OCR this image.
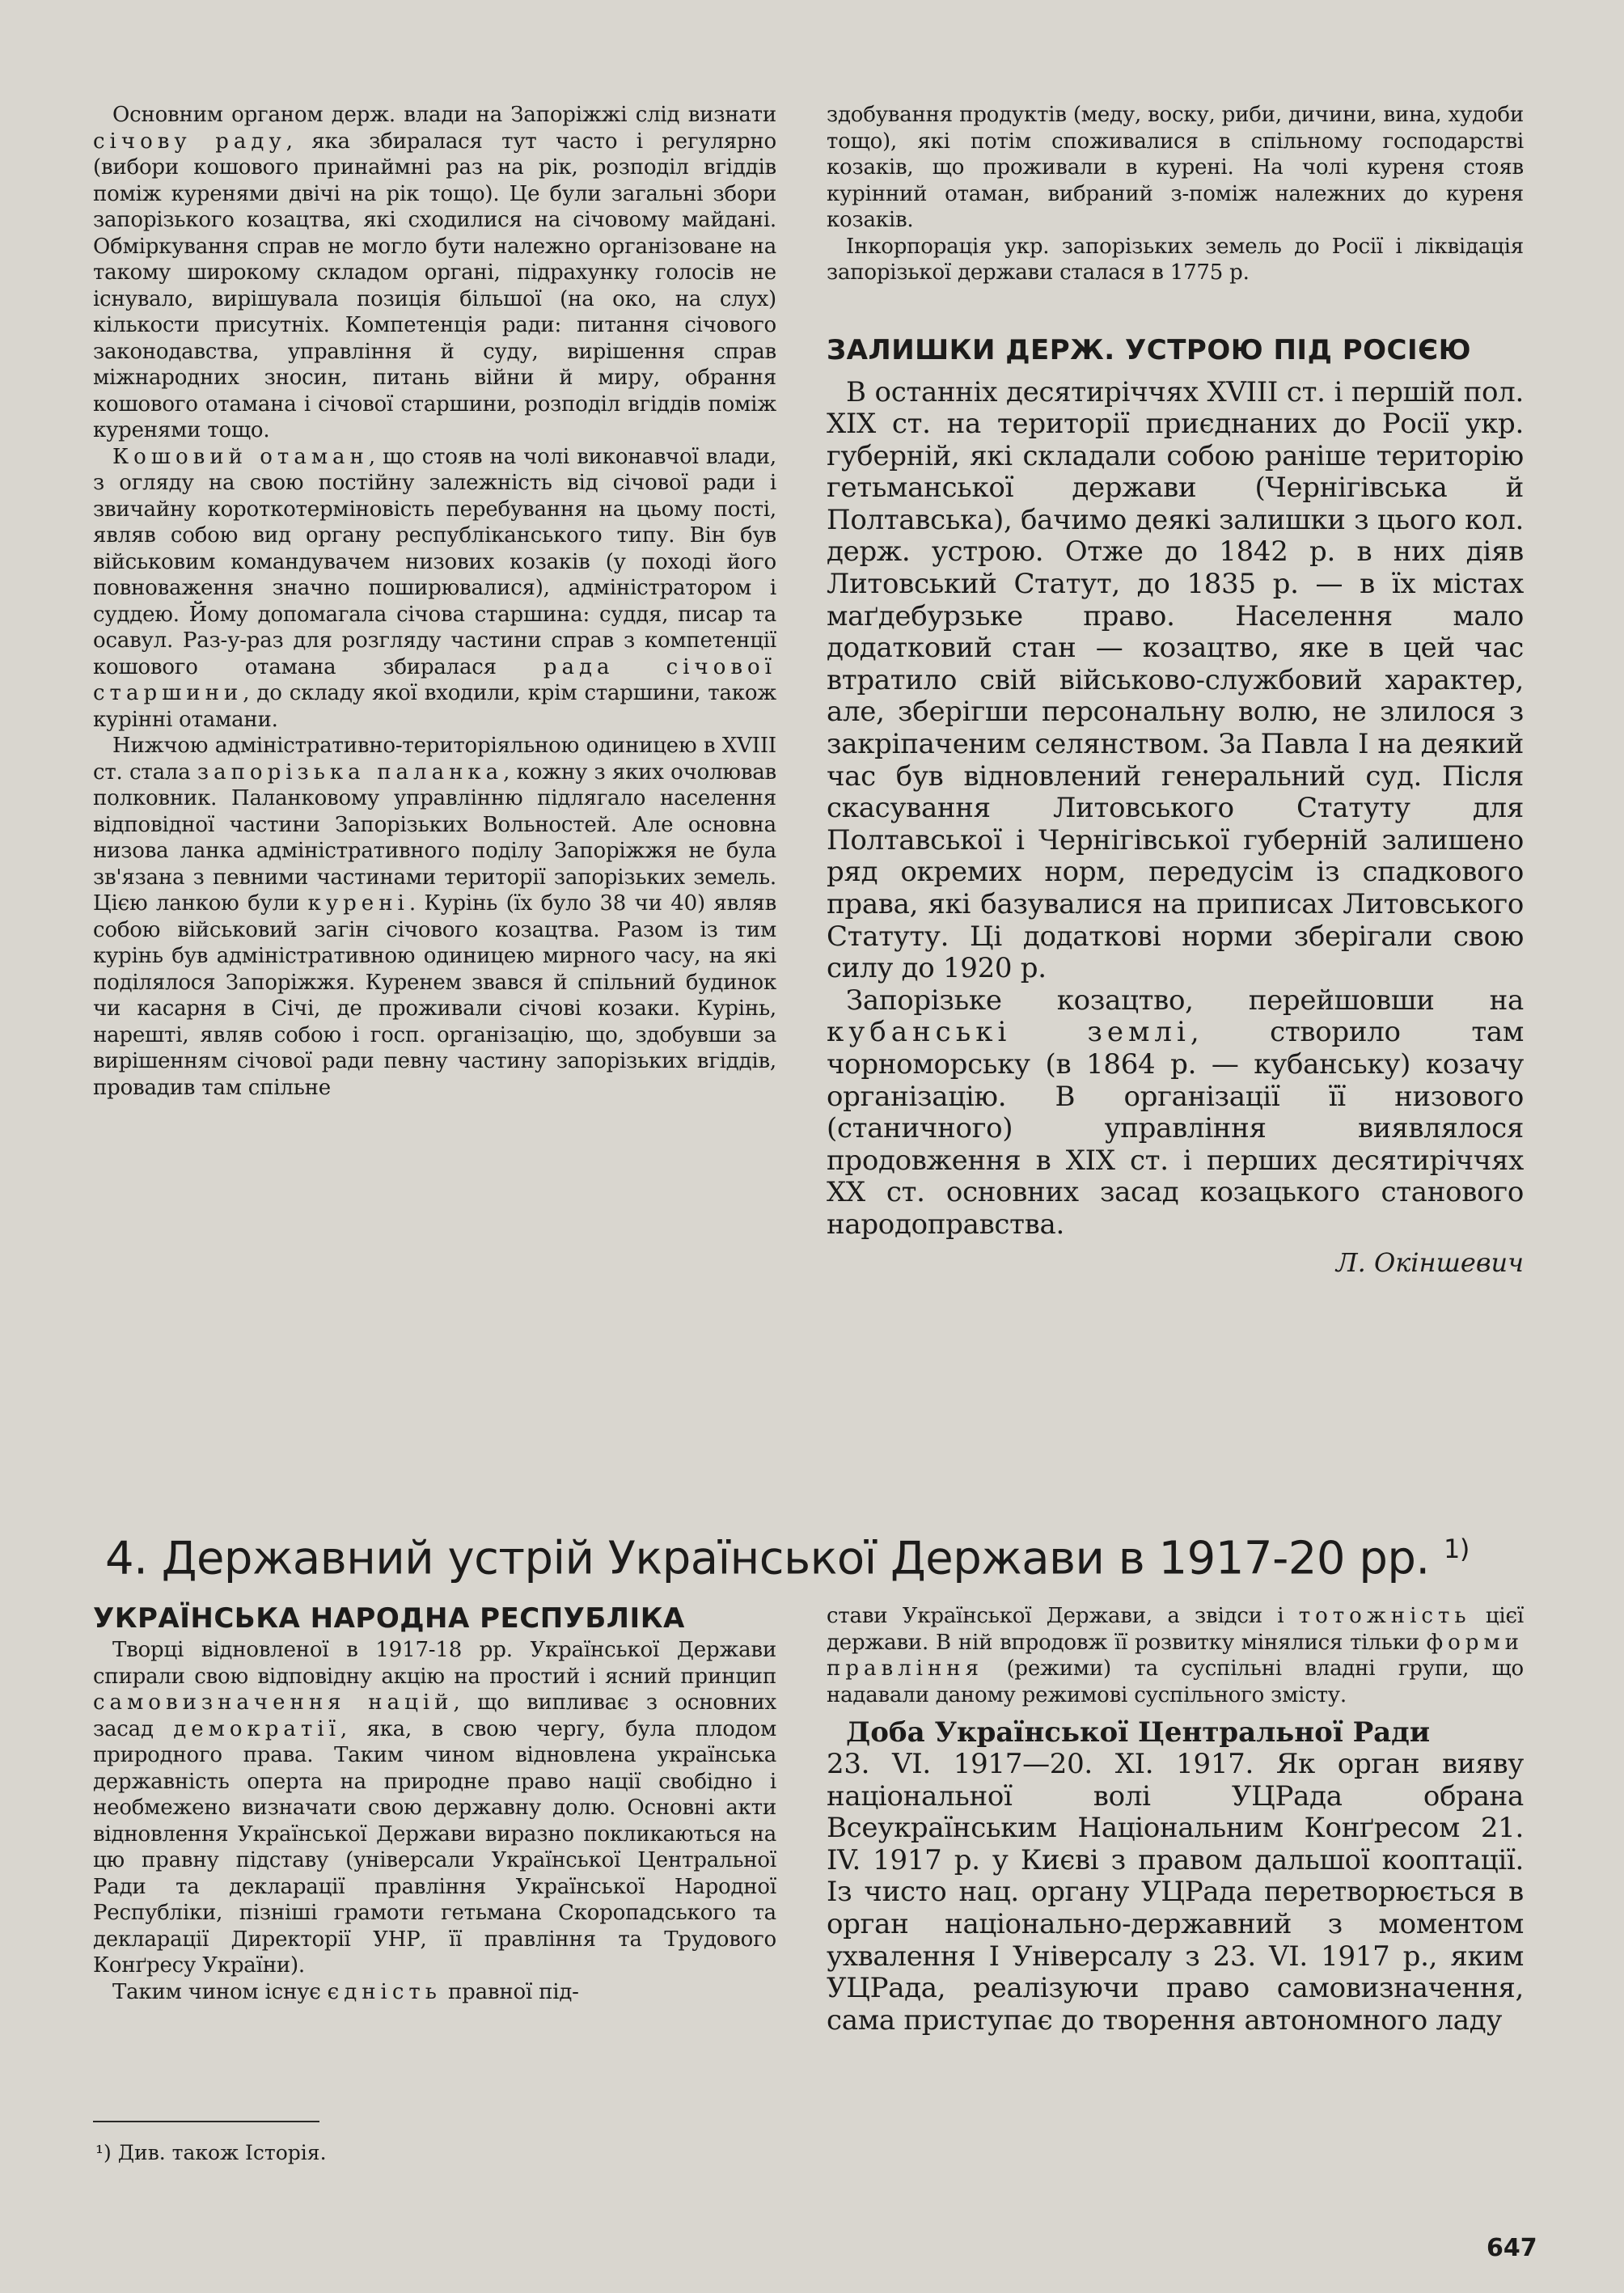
Основним органом держ. влади на Запоріжжі слід визнати січову раду, яка збиралася тут часто і регулярно (вибори кошового принаймні раз на рік, розподіл вгіддів поміж куренями двічі на рік тощо). Це були загальні збори запорізького козацтва, які сходилися на січовому майдані. Обміркування справ не могло бути належно організоване на такому широкому складом органі, підрахунку голосів не існувало, вирішувала позиція більшої (на око, на слух) кількости присутніх. Компетенція ради: питання січового законодавства, управління й суду, вирішення справ міжнародних зносин, питань війни й миру, обрання кошового отамана і січової старшини, розподіл вгіддів поміж куренями тощо.

Кошовий отаман, що стояв на чолі виконавчої влади, з огляду на свою постійну залежність від січової ради і звичайну короткотерміновість перебування на цьому пості, являв собою вид органу республіканського типу. Він був військовим командувачем низових козаків (у поході його повноваження значно поширювалися), адміністратором і суддею. Йому допомагала січова старшина: суддя, писар та осавул. Раз-у-раз для розгляду частини справ з компетенції кошового отамана збиралася рада січової старшини, до складу якої входили, крім старшини, також курінні отамани.

Нижчою адміністративно-територіяльною одиницею в XVIII ст. стала запорізька паланка, кожну з яких очолював полковник. Паланковому управлінню підлягало населення відповідної частини Запорізьких Вольностей. Але основна низова ланка адміністративного поділу Запоріжжя не була зв'язана з певними частинами території запорізьких земель. Цією ланкою були курені. Курінь (їх було 38 чи 40) являв собою військовий загін січового козацтва. Разом із тим курінь був адміністративною одиницею мирного часу, на які поділялося Запоріжжя. Куренем звався й спільний будинок чи касарня в Січі, де проживали січові козаки. Курінь, нарешті, являв собою і госп. організацію, що, здобувши за вирішенням січової ради певну частину запорізьких вгіддів, провадив там спільне

здобування продуктів (меду, воску, риби, дичини, вина, худоби тощо), які потім споживалися в спільному господарстві козаків, що проживали в курені. На чолі куреня стояв курінний отаман, вибраний з-поміж належних до куреня козаків.

Інкорпорація укр. запорізьких земель до Росії і ліквідація запорізької держави сталася в 1775 р.

ЗАЛИШКИ ДЕРЖ. УСТРОЮ ПІД РОСІЄЮ

В останніх десятиріччях XVIII ст. і першій пол. XIX ст. на території приєднаних до Росії укр. губерній, які складали собою раніше територію гетьманської держави (Чернігівська й Полтавська), бачимо деякі залишки з цього кол. держ. устрою. Отже до 1842 р. в них діяв Литовський Статут, до 1835 р. — в їх містах маґдебурзьке право. Населення мало додатковий стан — козацтво, яке в цей час втратило свій військово-службовий характер, але, зберігши персональну волю, не злилося з закріпаченим селянством. За Павла І на деякий час був відновлений генеральний суд. Після скасування Литовського Статуту для Полтавської і Чернігівської губерній залишено ряд окремих норм, передусім із спадкового права, які базувалися на приписах Литовського Статуту. Ці додаткові норми зберігали свою силу до 1920 р.

Запорізьке козацтво, перейшовши на кубанські землі, створило там чорноморську (в 1864 р. — кубанську) козачу організацію. В організації її низового (станичного) управління виявлялося продовження в XIX ст. і перших десятиріччях XX ст. основних засад козацького станового народоправства.

Л. Окіншевич

4. Державний устрій Української Держави в 1917-20 рр. $^{1)}$
УКРАЇНСЬКА НАРОДНА РЕСПУБЛІКА

Творці відновленої в 1917-18 рр. Української Держави спирали свою відповідну акцію на простий і ясний принцип самовизначення націй, що випливає з основних засад демократії, яка, в свою чергу, була плодом природного права. Таким чином відновлена українська державність оперта на природне право нації свобідно і необмежено визначати свою державну долю. Основні акти відновлення Української Держави виразно покликаються на цю правну підставу (універсали Української Центральної Ради та декларації правління Української Народної Республіки, пізніші грамоти гетьмана Скоропадського та декларації Директорії УНР, її правління та Трудового Конґресу України).

Таким чином існує єдність правної під-

стави Української Держави, а звідси і тотожність цієї держави. В ній впродовж її розвитку мінялися тільки форми правління (режими) та суспільні владні групи, що надавали даному режимові суспільного змісту.

Доба Української Центральної Ради

23. VI. 1917—20. XI. 1917. Як орган вияву національної волі УЦРада обрана Всеукраїнським Національним Конґресом 21. IV. 1917 р. у Києві з правом дальшої кооптації. Із чисто нац. органу УЦРада перетворюється в орган національно-державний з моментом ухвалення І Універсалу з 23. VI. 1917 р., яким УЦРада, реалізуючи право самовизначення, сама приступає до творення автономного ладу

¹) Див. також Історія.

647
